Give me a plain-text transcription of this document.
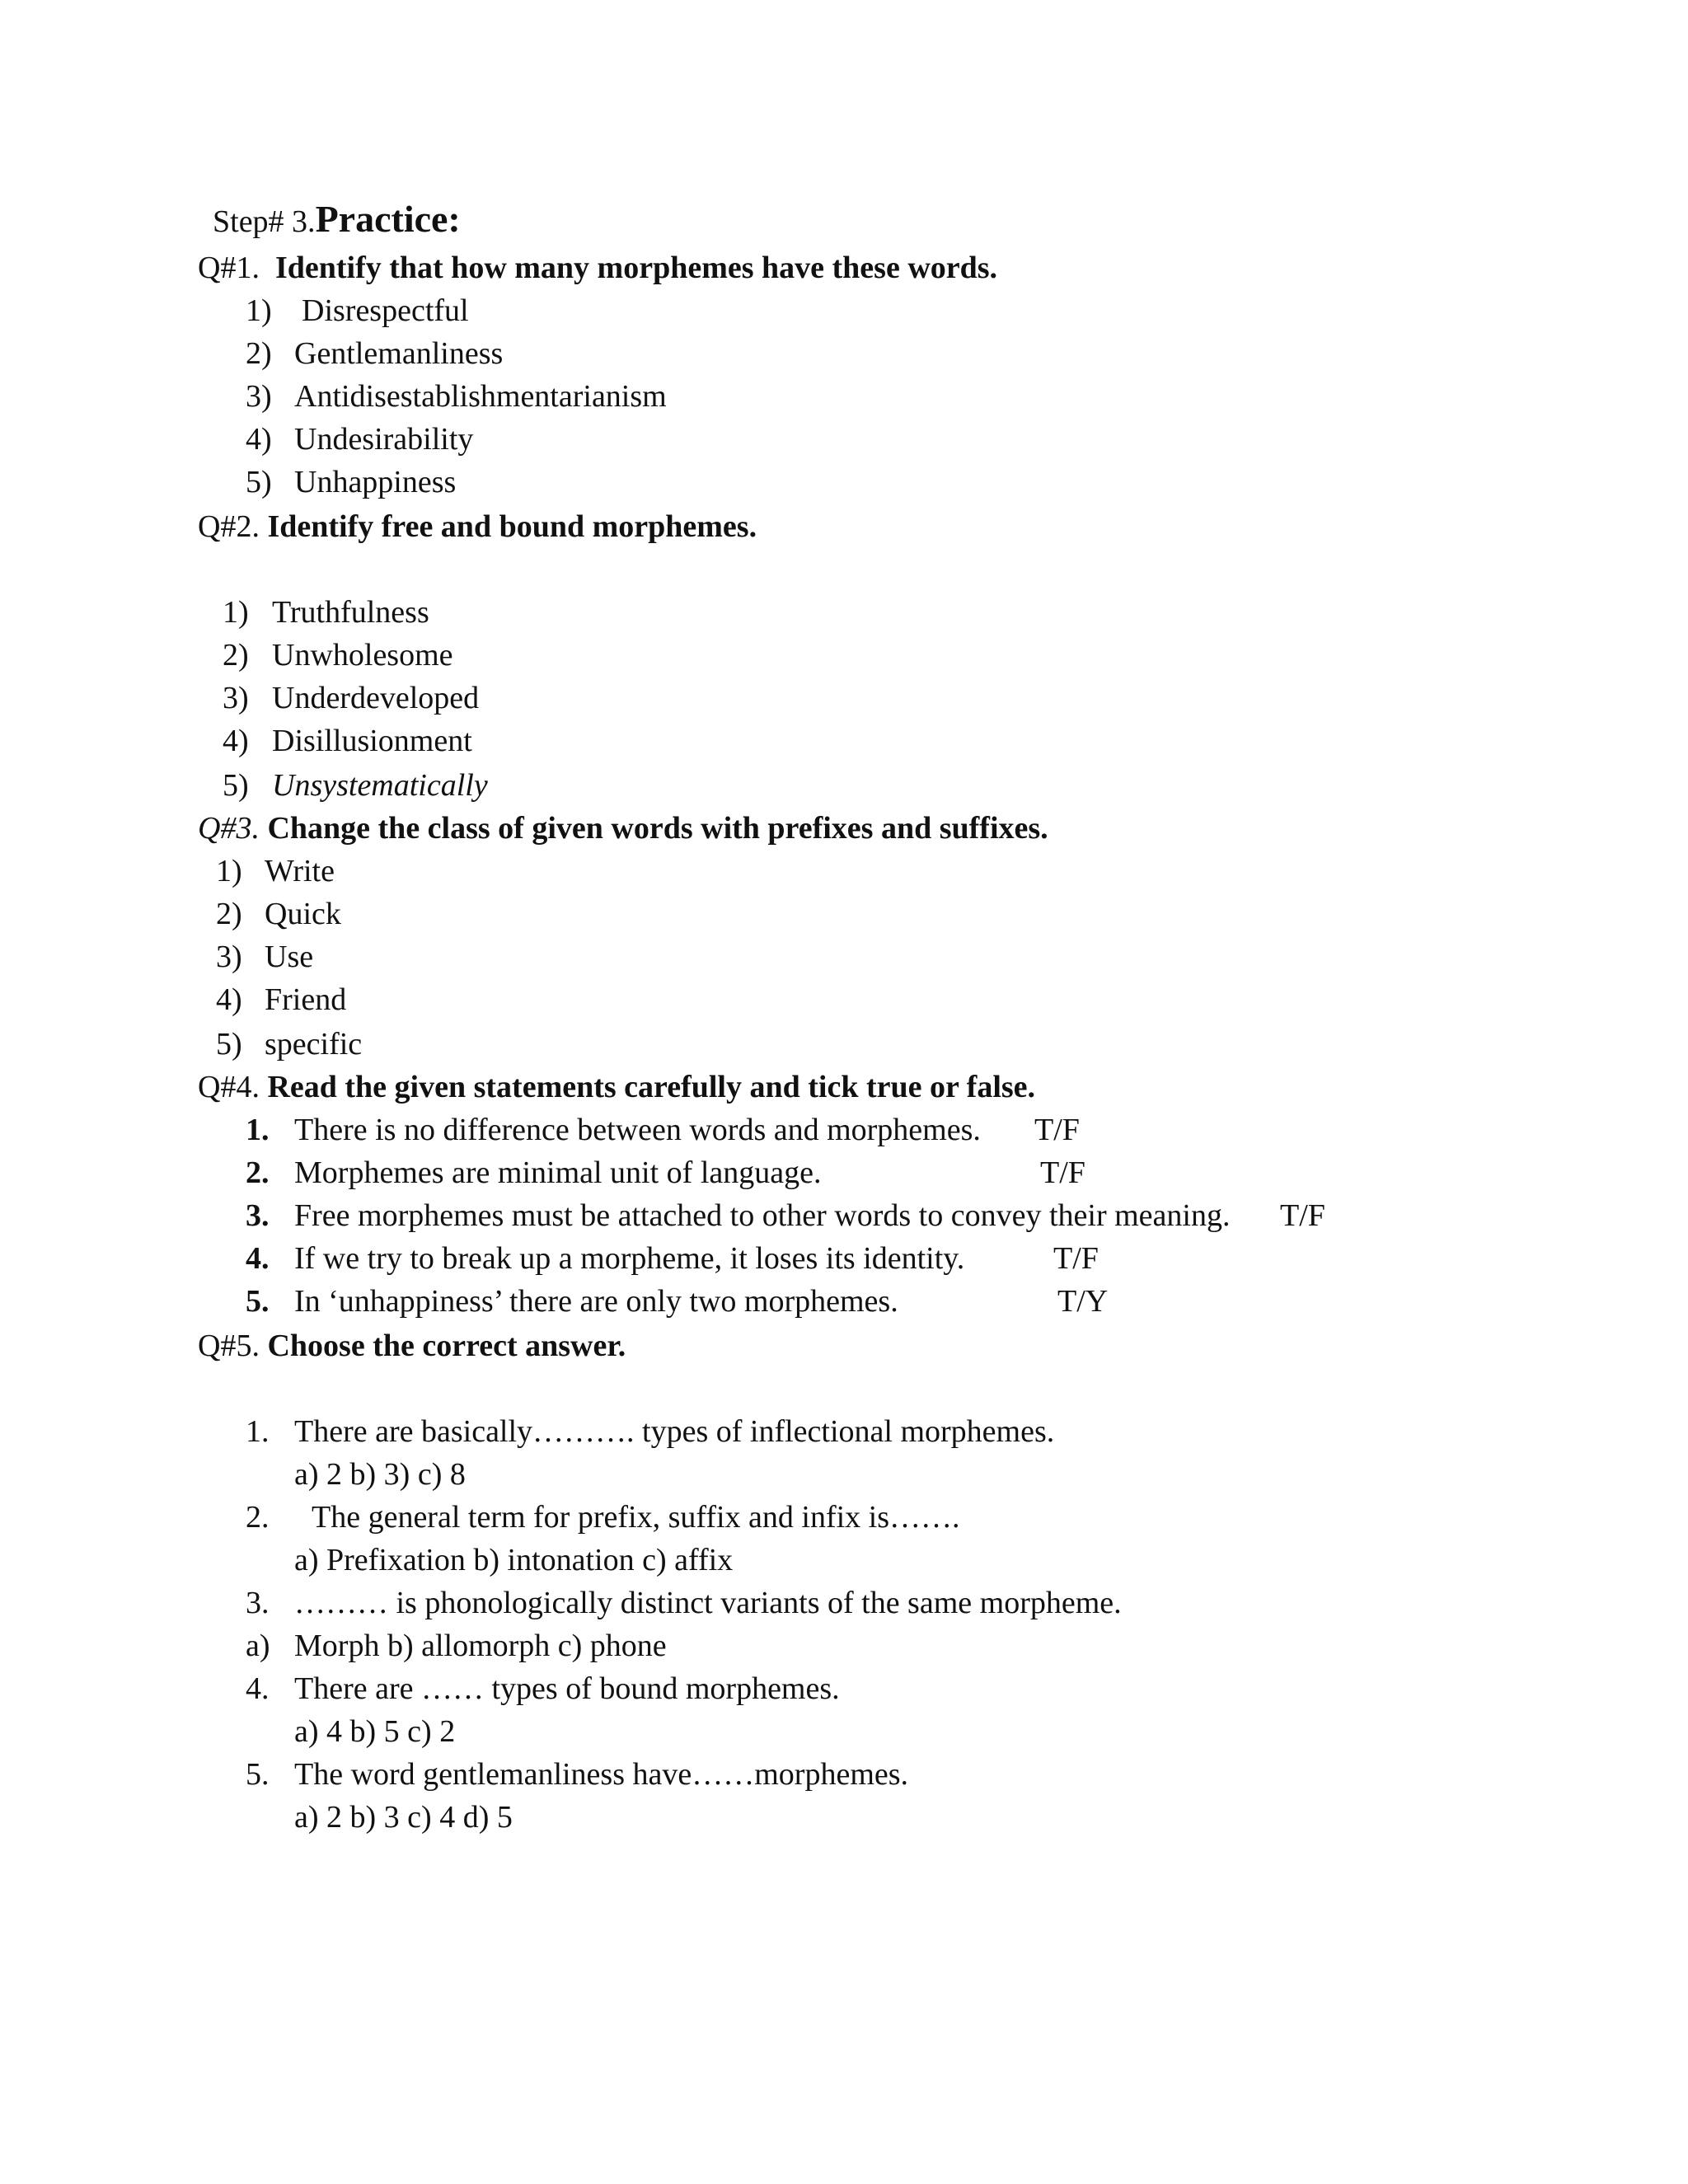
Step# 3.Practice:
Q#1. Identify that how many morphemes have these words.
1) Disrespectful
2) Gentlemanliness
3) Antidisestablishmentarianism
4) Undesirability
5) Unhappiness
Q#2. Identify free and bound morphemes.
1) Truthfulness
2) Unwholesome
3) Underdeveloped
4) Disillusionment
5) Unsystematically
Q#3. Change the class of given words with prefixes and suffixes.
1) Write
2) Quick
3) Use
4) Friend
5) specific
Q#4. Read the given statements carefully and tick true or false.
1. There is no difference between words and morphemes. T/F
2. Morphemes are minimal unit of language.	T/F
3. Free morphemes must be attached to other words to convey their meaning. T/F
4. If we try to break up a morpheme, it loses its identity.	T/F
5. In ‘unhappiness’ there are only two morphemes.	T/Y
Q#5. Choose the correct answer.
1. There are basically………. types of inflectional morphemes.
a) 2 b) 3) c) 8
2. The general term for prefix, suffix and infix is…….
a) Prefixation b) intonation c) affix
3. ……… is phonologically distinct variants of the same morpheme.
a) Morph b) allomorph c) phone
4. There are …… types of bound morphemes.
a) 4 b) 5 c) 2
5. The word gentlemanliness have……morphemes.
a) 2 b) 3 c) 4 d) 5
